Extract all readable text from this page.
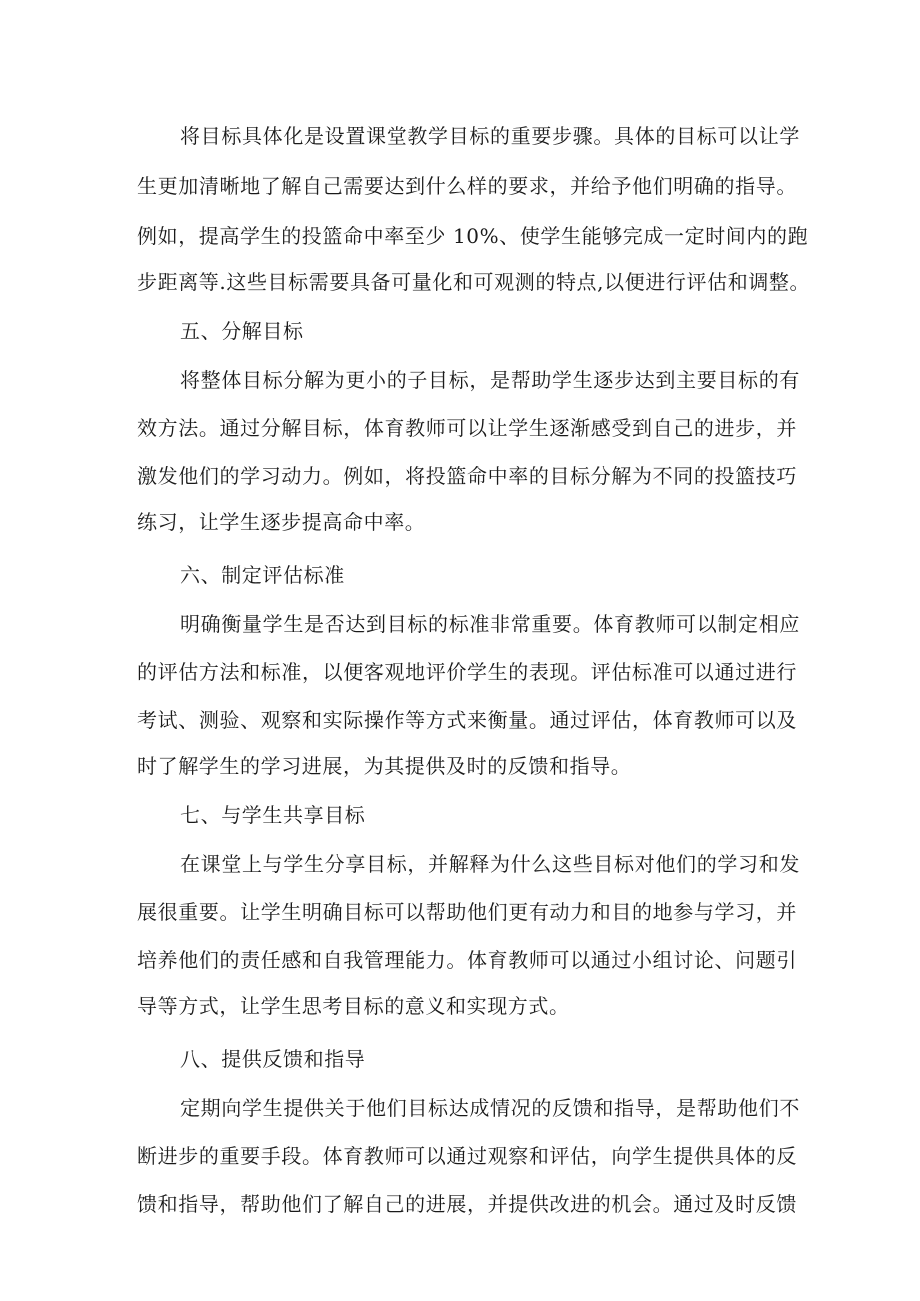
将目标具体化是设置课堂教学目标的重要步骤。具体的目标可以让学
生更加清晰地了解自己需要达到什么样的要求，并给予他们明确的指导。
例如，提高学生的投篮命中率至少 10%、使学生能够完成一定时间内的跑
步距离等.这些目标需要具备可量化和可观测的特点,以便进行评估和调整。
五、分解目标
将整体目标分解为更小的子目标，是帮助学生逐步达到主要目标的有
效方法。通过分解目标，体育教师可以让学生逐渐感受到自己的进步，并
激发他们的学习动力。例如，将投篮命中率的目标分解为不同的投篮技巧
练习，让学生逐步提高命中率。
六、制定评估标准
明确衡量学生是否达到目标的标准非常重要。体育教师可以制定相应
的评估方法和标准，以便客观地评价学生的表现。评估标准可以通过进行
考试、测验、观察和实际操作等方式来衡量。通过评估，体育教师可以及
时了解学生的学习进展，为其提供及时的反馈和指导。
七、与学生共享目标
在课堂上与学生分享目标，并解释为什么这些目标对他们的学习和发
展很重要。让学生明确目标可以帮助他们更有动力和目的地参与学习，并
培养他们的责任感和自我管理能力。体育教师可以通过小组讨论、问题引
导等方式，让学生思考目标的意义和实现方式。
八、提供反馈和指导
定期向学生提供关于他们目标达成情况的反馈和指导，是帮助他们不
断进步的重要手段。体育教师可以通过观察和评估，向学生提供具体的反
馈和指导，帮助他们了解自己的进展，并提供改进的机会。通过及时反馈
